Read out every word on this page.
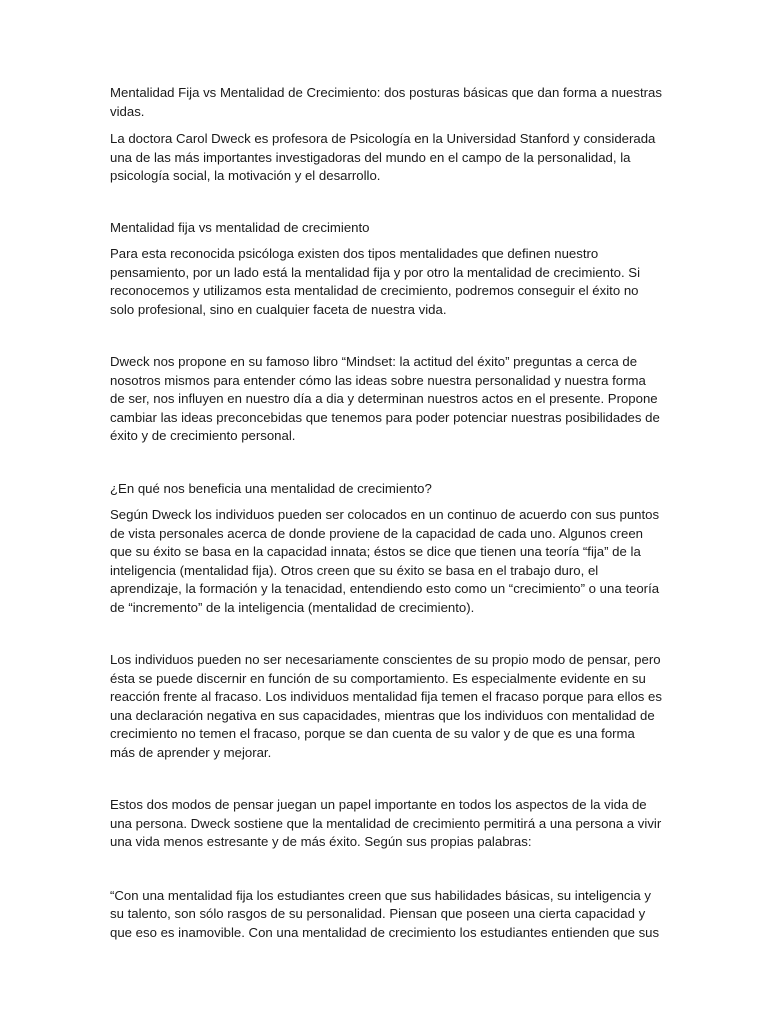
Mentalidad Fija vs Mentalidad de Crecimiento: dos posturas básicas que dan forma a nuestras vidas.

La doctora Carol Dweck es profesora de Psicología en la Universidad Stanford y considerada una de las más importantes investigadoras del mundo en el campo de la personalidad, la psicología social, la motivación y el desarrollo.

Mentalidad fija vs mentalidad de crecimiento

Para esta reconocida psicóloga existen dos tipos mentalidades que definen nuestro pensamiento, por un lado está la mentalidad fija y por otro la mentalidad de crecimiento. Si reconocemos y utilizamos esta mentalidad de crecimiento, podremos conseguir el éxito no solo profesional, sino en cualquier faceta de nuestra vida.

Dweck nos propone en su famoso libro “Mindset: la actitud del éxito” preguntas a cerca de nosotros mismos para entender cómo las ideas sobre nuestra personalidad y nuestra forma de ser, nos influyen en nuestro día a dia y determinan nuestros actos en el presente. Propone cambiar las ideas preconcebidas que tenemos para poder potenciar nuestras posibilidades de éxito y de crecimiento personal.

¿En qué nos beneficia una mentalidad de crecimiento?

Según Dweck los individuos pueden ser colocados en un continuo de acuerdo con sus puntos de vista personales acerca de donde proviene de la capacidad de cada uno. Algunos creen que su éxito se basa en la capacidad innata; éstos se dice que tienen una teoría “fija” de la inteligencia (mentalidad fija). Otros creen que su éxito se basa en el trabajo duro, el aprendizaje, la formación y la tenacidad, entendiendo esto como un “crecimiento” o una teoría de “incremento” de la inteligencia (mentalidad de crecimiento).

Los individuos pueden no ser necesariamente conscientes de su propio modo de pensar, pero ésta se puede discernir en función de su comportamiento. Es especialmente evidente en su reacción frente al fracaso. Los individuos mentalidad fija temen el fracaso porque para ellos es una declaración negativa en sus capacidades, mientras que los individuos con mentalidad de crecimiento no temen el fracaso, porque se dan cuenta de su valor y de que es una forma más de aprender y mejorar.

Estos dos modos de pensar juegan un papel importante en todos los aspectos de la vida de una persona. Dweck sostiene que la mentalidad de crecimiento permitirá a una persona a vivir una vida menos estresante y de más éxito. Según sus propias palabras:

“Con una mentalidad fija los estudiantes creen que sus habilidades básicas, su inteligencia y su talento, son sólo rasgos de su personalidad. Piensan que poseen una cierta capacidad y que eso es inamovible. Con una mentalidad de crecimiento los estudiantes entienden que sus
